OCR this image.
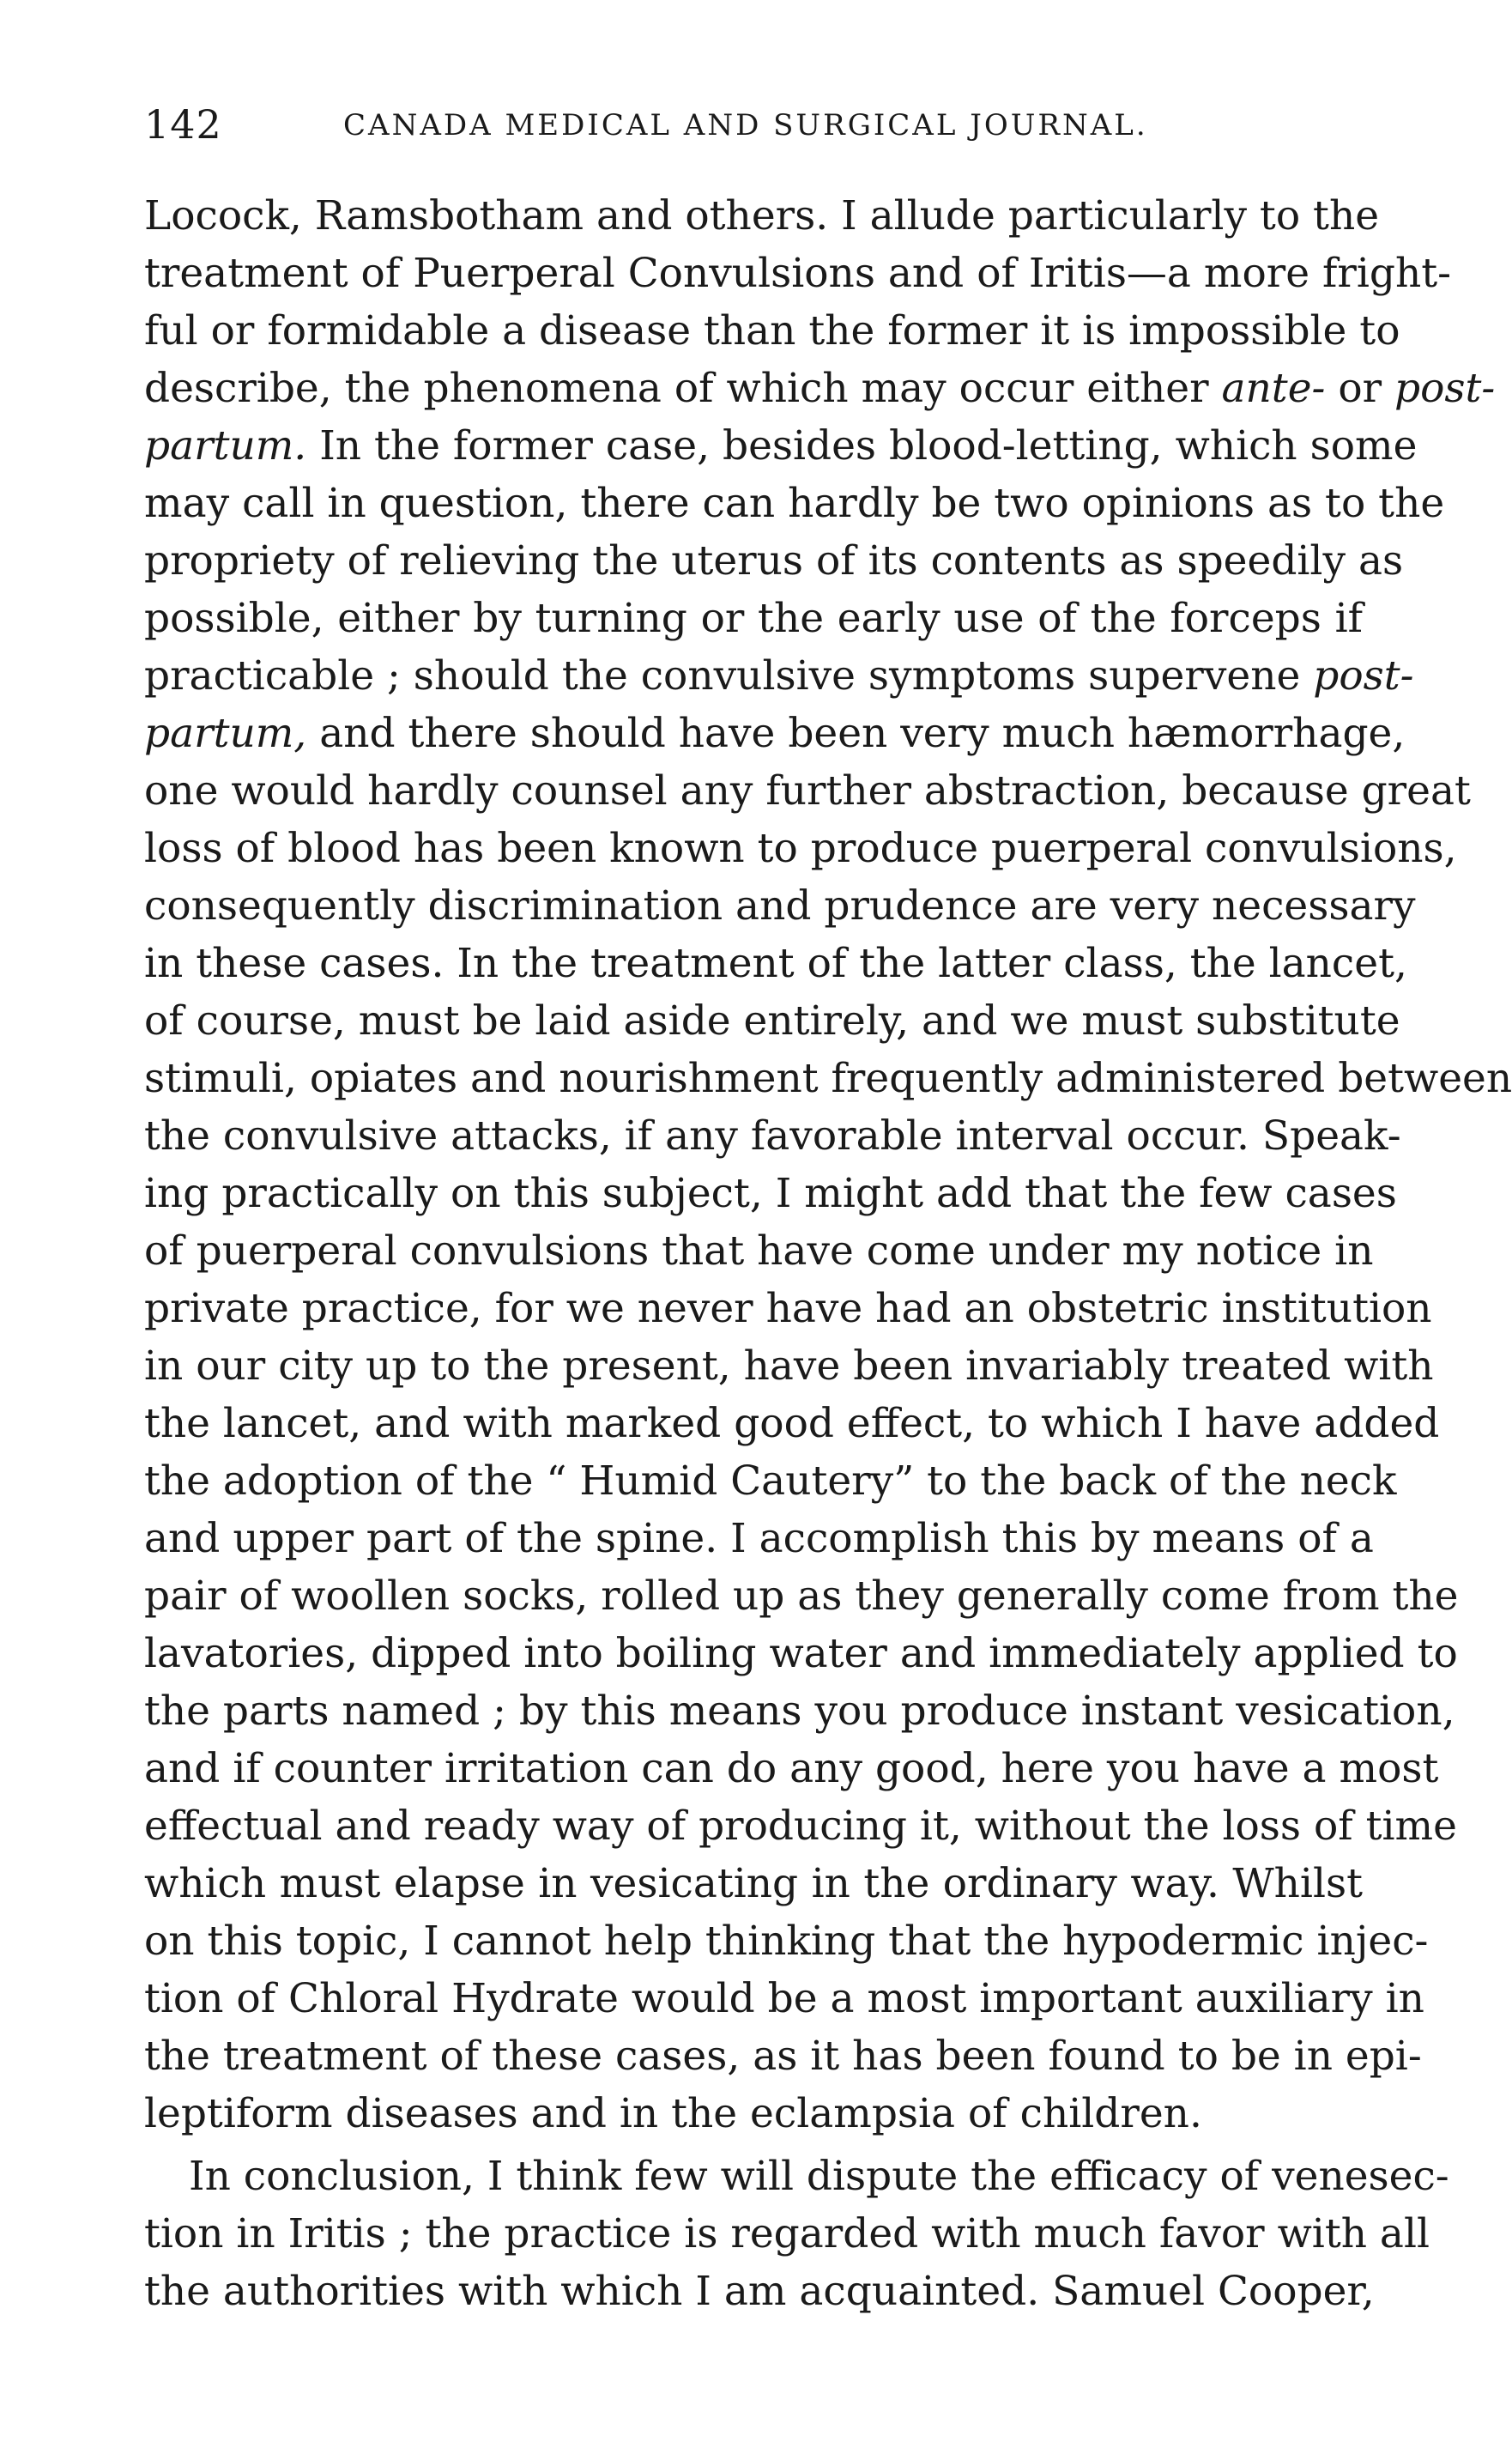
142	CANADA MEDICAL AND SURGICAL JOURNAL.
Locock, Ramsbotham and others. I allude particularly to the
treatment of Puerperal Convulsions and of Iritis—a more fright-
ful or formidable a disease than the former it is impossible to
describe, the phenomena of which may occur either ante- or post-
partum. In the former case, besides blood-letting, which some
may call in question, there can hardly be two opinions as to the
propriety of relieving the uterus of its contents as speedily as
possible, either by turning or the early use of the forceps if
practicable ; should the convulsive symptoms supervene post-
partum, and there should have been very much hæmorrhage,
one would hardly counsel any further abstraction, because great
loss of blood has been known to produce puerperal convulsions,
consequently discrimination and prudence are very necessary
in these cases. In the treatment of the latter class, the lancet,
of course, must be laid aside entirely, and we must substitute
stimuli, opiates and nourishment frequently administered between
the convulsive attacks, if any favorable interval occur. Speak-
ing practically on this subject, I might add that the few cases
of puerperal convulsions that have come under my notice in
private practice, for we never have had an obstetric institution
in our city up to the present, have been invariably treated with
the lancet, and with marked good effect, to which I have added
the adoption of the “ Humid Cautery” to the back of the neck
and upper part of the spine. I accomplish this by means of a
pair of woollen socks, rolled up as they generally come from the
lavatories, dipped into boiling water and immediately applied to
the parts named ; by this means you produce instant vesication,
and if counter irritation can do any good, here you have a most
effectual and ready way of producing it, without the loss of time
which must elapse in vesicating in the ordinary way. Whilst
on this topic, I cannot help thinking that the hypodermic injec-
tion of Chloral Hydrate would be a most important auxiliary in
the treatment of these cases, as it has been found to be in epi-
leptiform diseases and in the eclampsia of children.
In conclusion, I think few will dispute the efficacy of venesec-
tion in Iritis ; the practice is regarded with much favor with all
the authorities with which I am acquainted. Samuel Cooper,
